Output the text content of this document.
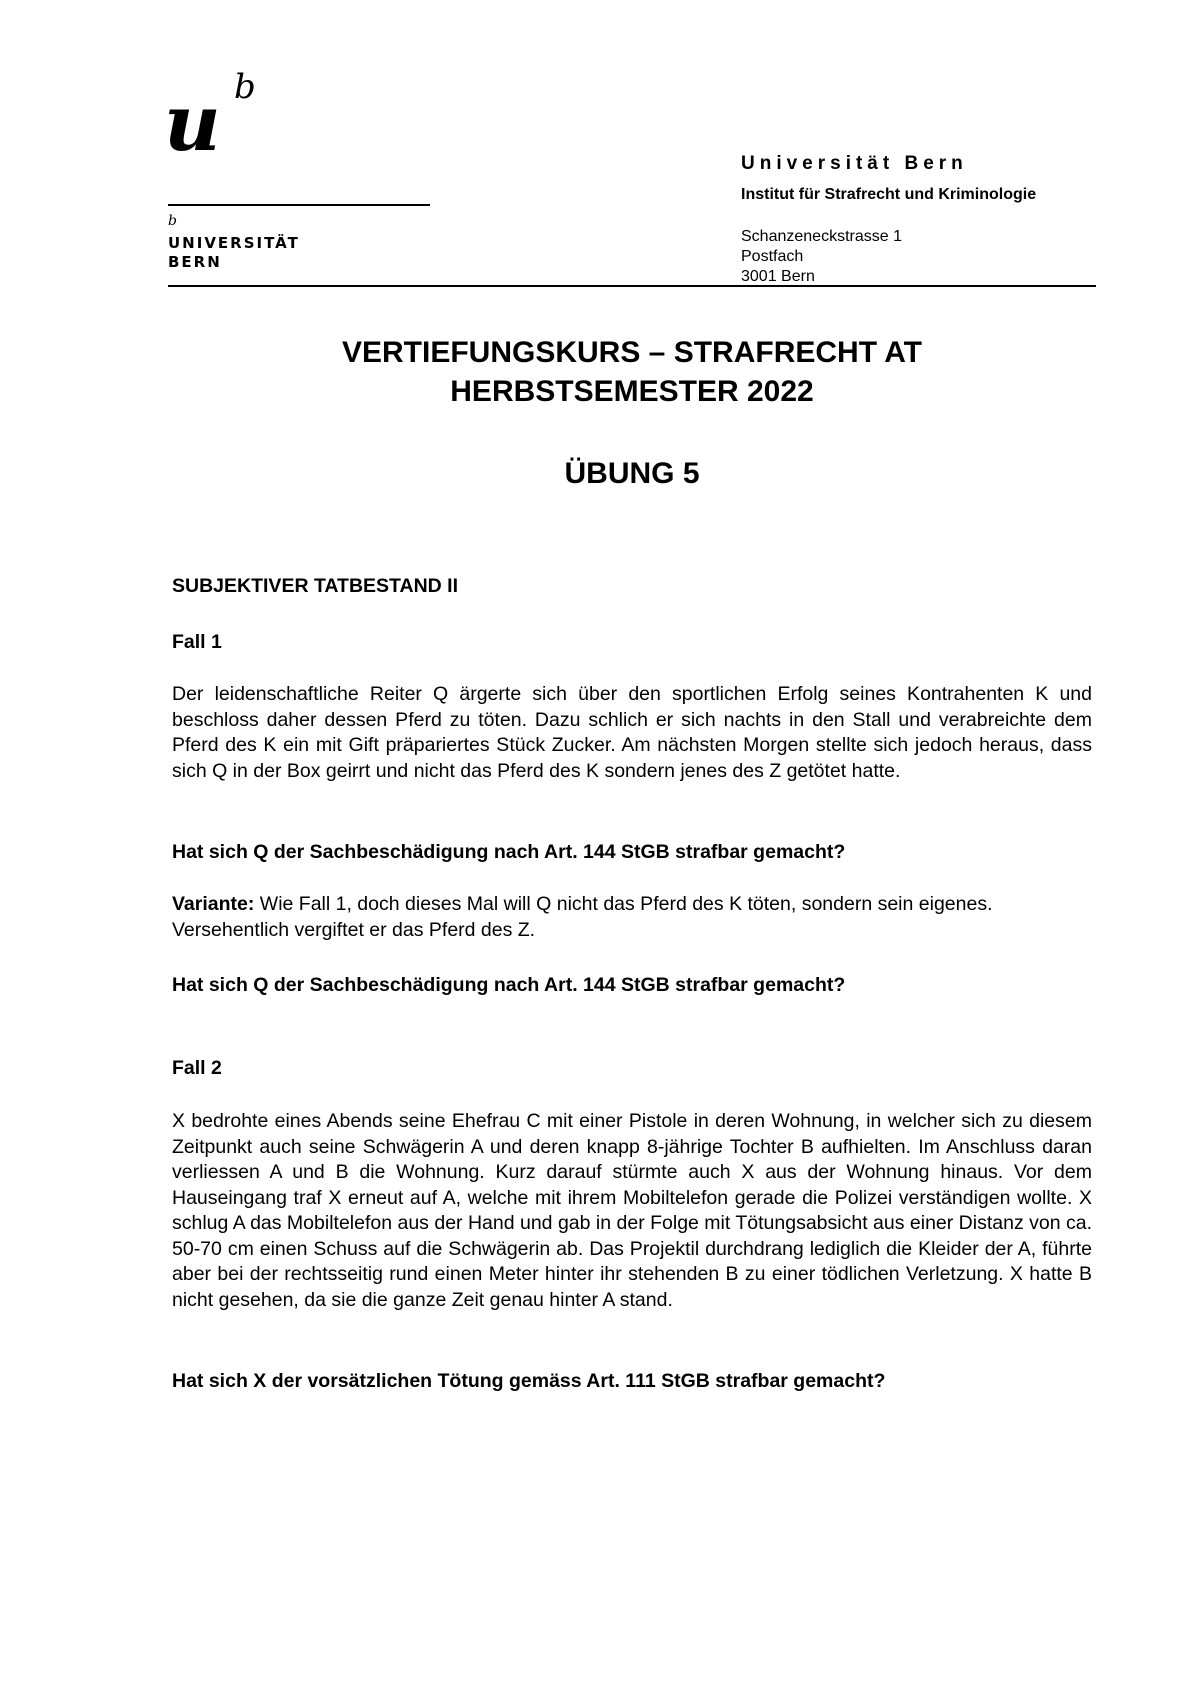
u b
b
UNIVERSITÄT
BERN
Universität Bern
Institut für Strafrecht und Kriminologie
Schanzeneckstrasse 1
Postfach
3001 Bern
VERTIEFUNGSKURS – STRAFRECHT AT
HERBSTSEMESTER 2022
ÜBUNG 5
SUBJEKTIVER TATBESTAND II
Fall 1
Der leidenschaftliche Reiter Q ärgerte sich über den sportlichen Erfolg seines Kontrahenten K und beschloss daher dessen Pferd zu töten. Dazu schlich er sich nachts in den Stall und verabreichte dem Pferd des K ein mit Gift präpariertes Stück Zucker. Am nächsten Morgen stellte sich jedoch heraus, dass sich Q in der Box geirrt und nicht das Pferd des K sondern jenes des Z getötet hatte.
Hat sich Q der Sachbeschädigung nach Art. 144 StGB strafbar gemacht?
Variante: Wie Fall 1, doch dieses Mal will Q nicht das Pferd des K töten, sondern sein eigenes. Versehentlich vergiftet er das Pferd des Z.
Hat sich Q der Sachbeschädigung nach Art. 144 StGB strafbar gemacht?
Fall 2
X bedrohte eines Abends seine Ehefrau C mit einer Pistole in deren Wohnung, in welcher sich zu diesem Zeitpunkt auch seine Schwägerin A und deren knapp 8-jährige Tochter B aufhielten. Im Anschluss daran verliessen A und B die Wohnung. Kurz darauf stürmte auch X aus der Wohnung hinaus. Vor dem Hauseingang traf X erneut auf A, welche mit ihrem Mobiltelefon gerade die Polizei verständigen wollte. X schlug A das Mobiltelefon aus der Hand und gab in der Folge mit Tötungsabsicht aus einer Distanz von ca. 50-70 cm einen Schuss auf die Schwägerin ab. Das Projektil durchdrang lediglich die Kleider der A, führte aber bei der rechtsseitig rund einen Meter hinter ihr stehenden B zu einer tödlichen Verletzung. X hatte B nicht gesehen, da sie die ganze Zeit genau hinter A stand.
Hat sich X der vorsätzlichen Tötung gemäss Art. 111 StGB strafbar gemacht?
